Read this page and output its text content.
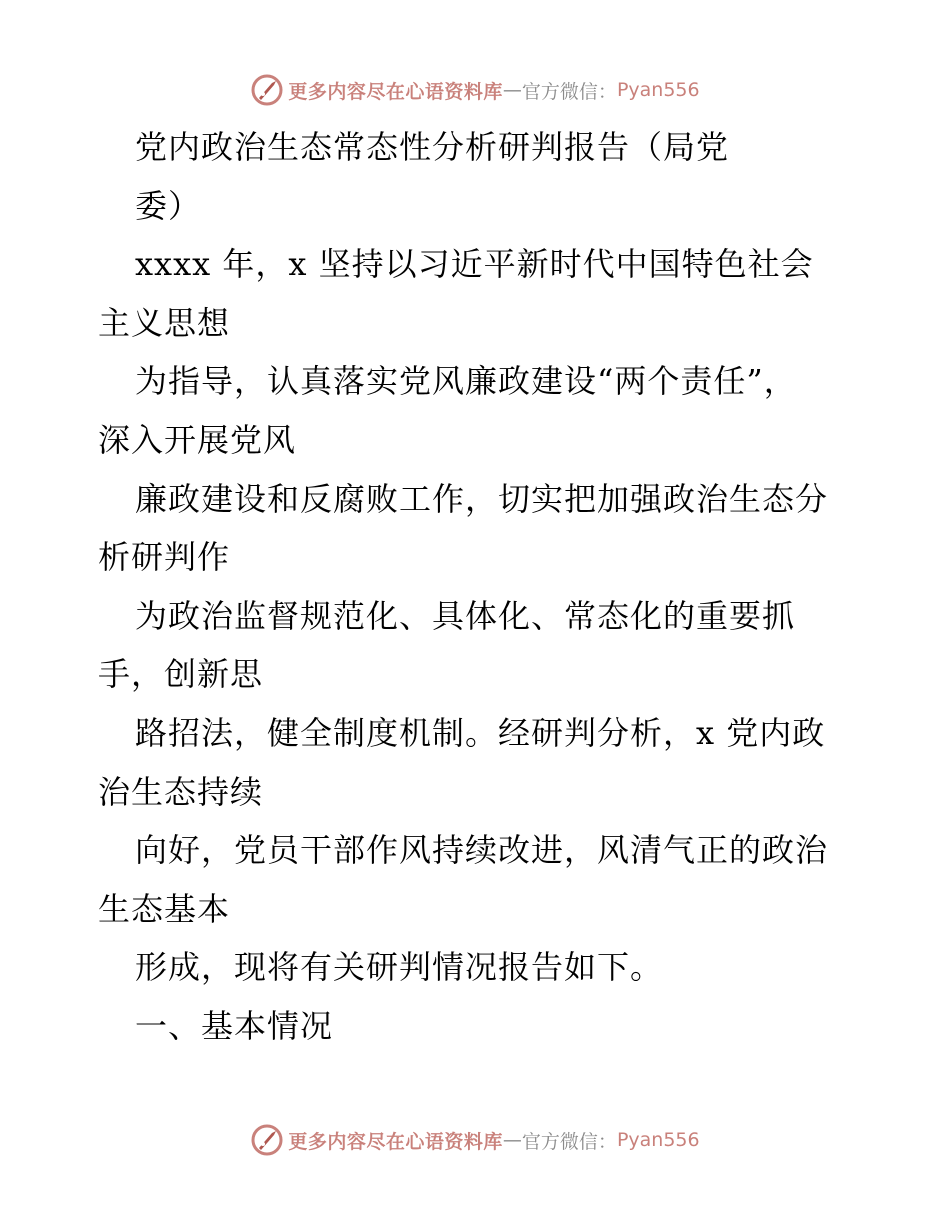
更多内容尽在心语资料库 — 官方微信： Pyan556
党内政治生态常态性分析研判报告（局党
委）
xxxx 年，x 坚持以习近平新时代中国特色社会
主义思想
为指导，认真落实党风廉政建设“两个责任”，
深入开展党风
廉政建设和反腐败工作，切实把加强政治生态分
析研判作
为政治监督规范化、具体化、常态化的重要抓
手，创新思
路招法，健全制度机制。经研判分析，x 党内政
治生态持续
向好，党员干部作风持续改进，风清气正的政治
生态基本
形成，现将有关研判情况报告如下。
一、基本情况
更多内容尽在心语资料库 — 官方微信： Pyan556
